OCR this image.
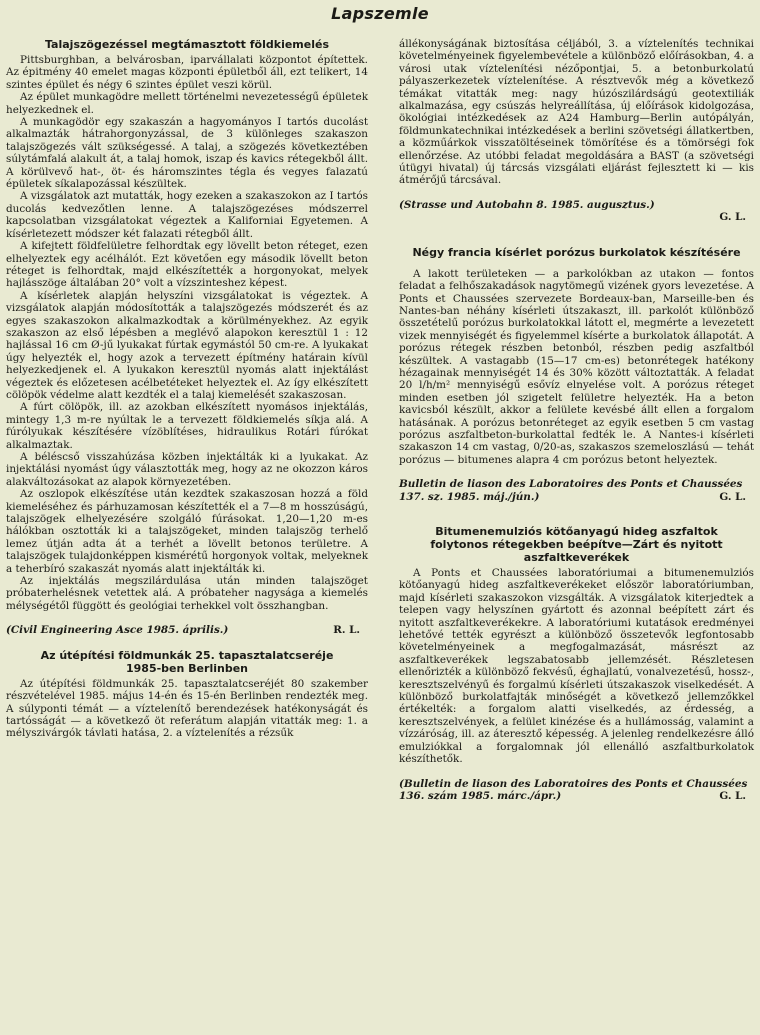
Lapszemle
Talajszögezéssel megtámasztott földkiemelés

Pittsburghban, a belvárosban, iparvállalati központot építettek. Az épitmény 40 emelet magas központi épületből áll, ezt telikert, 14 szintes épület és négy 6 szintes épület veszi körül.

Az épület munkagödre mellett történelmi nevezetességű épületek helyezkednek el.

A munkagödör egy szakaszán a hagyományos I tartós ducolást alkalmazták hátrahorgonyzással, de 3 különleges szakaszon talajszögezés vált szükségessé. A talaj, a szögezés következtében súlytámfalá alakult át, a talaj homok, iszap és kavics rétegekből állt. A körülvevő hat-, öt- és háromszintes tégla és vegyes falazatú épületek síkalapozással készültek.

A vizsgálatok azt mutatták, hogy ezeken a szakaszokon az I tartós ducolás kedvezőtlen lenne. A talajszögezéses módszerrel kapcsolatban vizsgálatokat végeztek a Kaliforniai Egyetemen. A kísérletezett módszer két falazati rétegből állt.

A kifejtett földfelületre felhordtak egy lövellt beton réteget, ezen elhelyeztek egy acélhálót. Ezt követően egy második lövellt beton réteget is felhordtak, majd elkészítették a horgonyokat, melyek hajlásszöge általában 20° volt a vízszinteshez képest.

A kísérletek alapján helyszíni vizsgálatokat is végeztek. A vizsgálatok alapján módosították a talajszögezés módszerét és az egyes szakaszokon alkalmazkodtak a körülményekhez. Az egyik szakaszon az első lépésben a meglévő alapokon keresztül 1 : 12 hajlással 16 cm Ø-jű lyukakat fúrtak egymástól 50 cm-re. A lyukakat úgy helyezték el, hogy azok a tervezett építmény határain kívül helyezkedjenek el. A lyukakon keresztül nyomás alatt injektálást végeztek és előzetesen acélbetéteket helyeztek el. Az így elkészített cölöpök védelme alatt kezdték el a talaj kiemelését szakaszosan.

A fúrt cölöpök, ill. az azokban elkészített nyomásos injektálás, mintegy 1,3 m-re nyúltak le a tervezett földkiemelés síkja alá. A fúrólyukak készítésére vízöblítéses, hidraulikus Rotári fúrókat alkalmaztak.

A béléscső visszahúzása közben injektálták ki a lyukakat. Az injektálási nyomást úgy választották meg, hogy az ne okozzon káros alakváltozásokat az alapok környezetében.

Az oszlopok elkészítése után kezdtek szakaszosan hozzá a föld kiemeléséhez és párhuzamosan készítették el a 7—8 m hosszúságú, talajszögek elhelyezésére szolgáló fúrásokat. 1,20—1,20 m-es hálókban osztották ki a talajszögeket, minden talajszög terhelő lemez útján adta át a terhét a lövellt betonos területre. A talajszögek tulajdonképpen kismérétű horgonyok voltak, melyeknek a teherbíró szakaszát nyomás alatt injektálták ki.

Az injektálás megszilárdulása után minden talajszöget próbaterhelésnek vetettek alá. A próbateher nagysága a kiemelés mélységétől függött és geológiai terhekkel volt összhangban.

(Civil Engineering Asce 1985. április.)	R. L.
Az útépítési földmunkák 25. tapasztalatcseréje
1985-ben Berlinben

Az útépítési földmunkák 25. tapasztalatcseréjét 80 szakember részvételével 1985. május 14-én és 15-én Berlinben rendezték meg. A súlyponti témát — a víztelenítő berendezések hatékonyságát és tartósságát — a következő öt referátum alapján vitatták meg: 1. a mélyszivárgók távlati hatása, 2. a víztelenítés a rézsűk

állékonyságának biztosítása céljából, 3. a víztelenítés technikai követelményeinek figyelembevétele a különböző előírásokban, 4. a városi utak víztelenítési nézőpontjai, 5. a betonburkolatú pályaszerkezetek víztelenítése. A résztvevők még a következő témákat vitatták meg: nagy húzószilárdságú geotextiliák alkalmazása, egy csúszás helyreállítása, új előírások kidolgozása, ökológiai intézkedések az A24 Hamburg—Berlin autópályán, földmunkatechnikai intézkedések a berlini szövetségi állatkertben, a közműárkok visszatöltéseinek tömörítése és a tömörségi fok ellenőrzése. Az utóbbi feladat megoldására a BAST (a szövetségi útügyi hivatal) új tárcsás vizsgálati eljárást fejlesztett ki — kis átmérőjű tárcsával.

(Strasse und Autobahn 8. 1985. augusztus.)
G. L.
Négy francia kísérlet porózus burkolatok készítésére

A lakott területeken — a parkolókban az utakon — fontos feladat a felhőszakadások nagytömegű vizének gyors levezetése. A Ponts et Chaussées szervezete Bordeaux-ban, Marseille-ben és Nantes-ban néhány kísérleti útszakaszt, ill. parkolót különböző összetételű porózus burkolatokkal látott el, megmérte a levezetett vizek mennyiségét és figyelemmel kísérte a burkolatok állapotát. A porózus rétegek részben betonból, részben pedig aszfaltból készültek. A vastagabb (15—17 cm-es) betonrétegek hatékony hézagainak mennyiségét 14 és 30% között változtatták. A feladat 20 l/h/m² mennyiségű esővíz elnyelése volt. A porózus réteget minden esetben jól szigetelt felületre helyezték. Ha a beton kavicsból készült, akkor a felülete kevésbé állt ellen a forgalom hatásának. A porózus betonréteget az egyik esetben 5 cm vastag porózus aszfaltbeton-burkolattal fedték le. A Nantes-i kísérleti szakaszon 14 cm vastag, 0/20-as, szakaszos szemeloszlású — tehát porózus — bitumenes alapra 4 cm porózus betont helyeztek.

Bulletin de liason des Laboratoires des Ponts et Chaussées
137. sz. 1985. máj./jún.)	G. L.
Bitumenemulziós kötőanyagú hideg aszfaltok
folytonos rétegekben beépítve—Zárt és nyitott
aszfaltkeverékek

A Ponts et Chaussées laboratóriumai a bitumenemulziós kötőanyagú hideg aszfaltkeverékeket először laboratóriumban, majd kísérleti szakaszokon vizsgálták. A vizsgálatok kiterjedtek a telepen vagy helyszínen gyártott és azonnal beépített zárt és nyitott aszfaltkeverékekre. A laboratóriumi kutatások eredményei lehetővé tették egyrészt a különböző összetevők legfontosabb követelményeinek a megfogalmazását, másrészt az aszfaltkeverékek legszabatosabb jellemzését. Részletesen ellenőrizték a különböző fekvésű, éghajlatú, vonalvezetésű, hossz-, keresztszelvényű és forgalmú kísérleti útszakaszok viselkedését. A különböző burkolatfajták minőségét a következő jellemzőkkel értékelték: a forgalom alatti viselkedés, az érdesség, a keresztszelvények, a felület kinézése és a hullámosság, valamint a vízzáróság, ill. az áteresztő képesség. A jelenleg rendelkezésre álló emulziókkal a forgalomnak jól ellenálló aszfaltburkolatok készíthetők.

(Bulletin de liason des Laboratoires des Ponts et Chaussées
136. szám 1985. márc./ápr.)	G. L.
